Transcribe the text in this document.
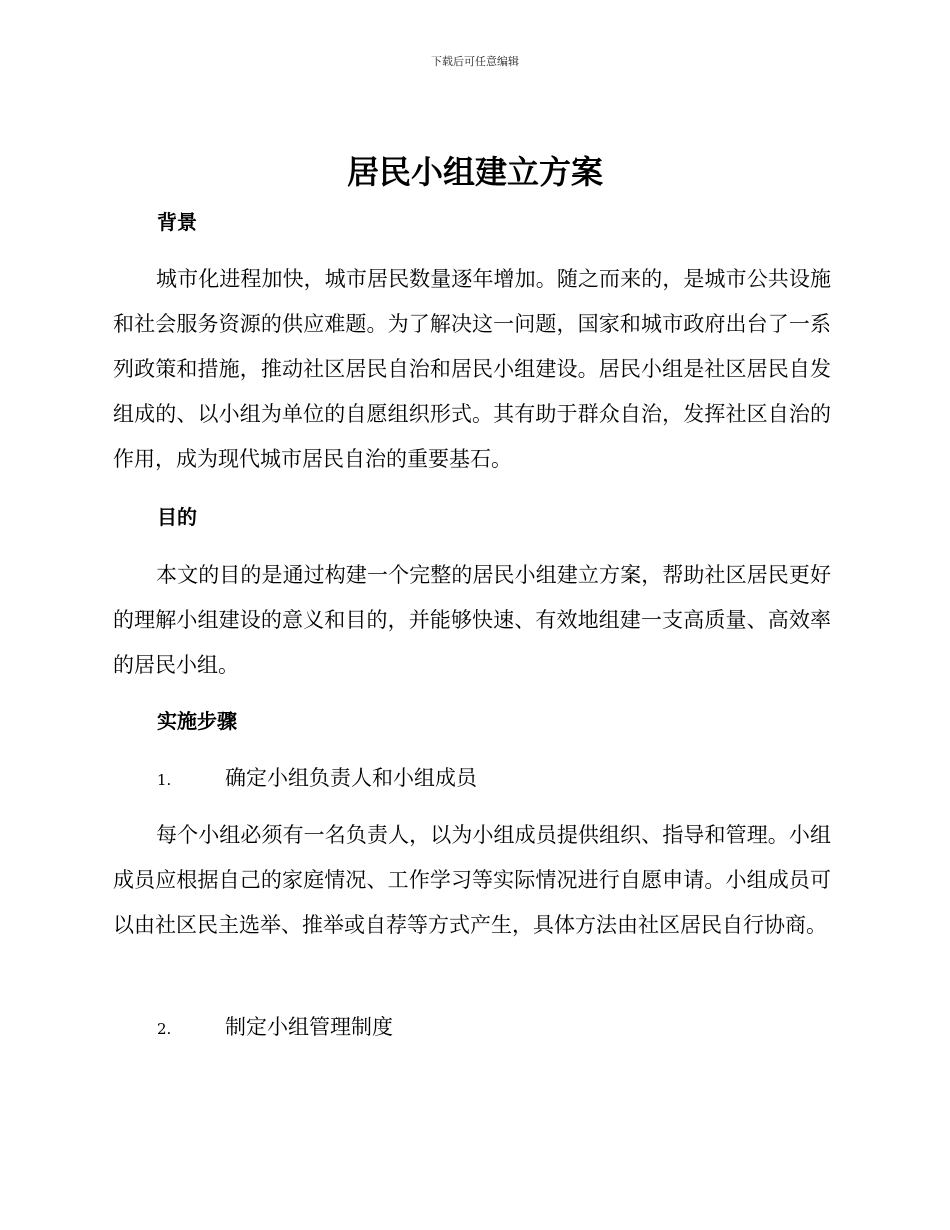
下载后可任意编辑
居民小组建立方案
背景

城市化进程加快，城市居民数量逐年增加。随之而来的，是城市公共设施和社会服务资源的供应难题。为了解决这一问题，国家和城市政府出台了一系列政策和措施，推动社区居民自治和居民小组建设。居民小组是社区居民自发组成的、以小组为单位的自愿组织形式。其有助于群众自治，发挥社区自治的作用，成为现代城市居民自治的重要基石。

目的

本文的目的是通过构建一个完整的居民小组建立方案，帮助社区居民更好的理解小组建设的意义和目的，并能够快速、有效地组建一支高质量、高效率的居民小组。

实施步骤
1.	确定小组负责人和小组成员

每个小组必须有一名负责人，以为小组成员提供组织、指导和管理。小组成员应根据自己的家庭情况、工作学习等实际情况进行自愿申请。小组成员可以由社区民主选举、推举或自荐等方式产生，具体方法由社区居民自行协商。

2.	制定小组管理制度
